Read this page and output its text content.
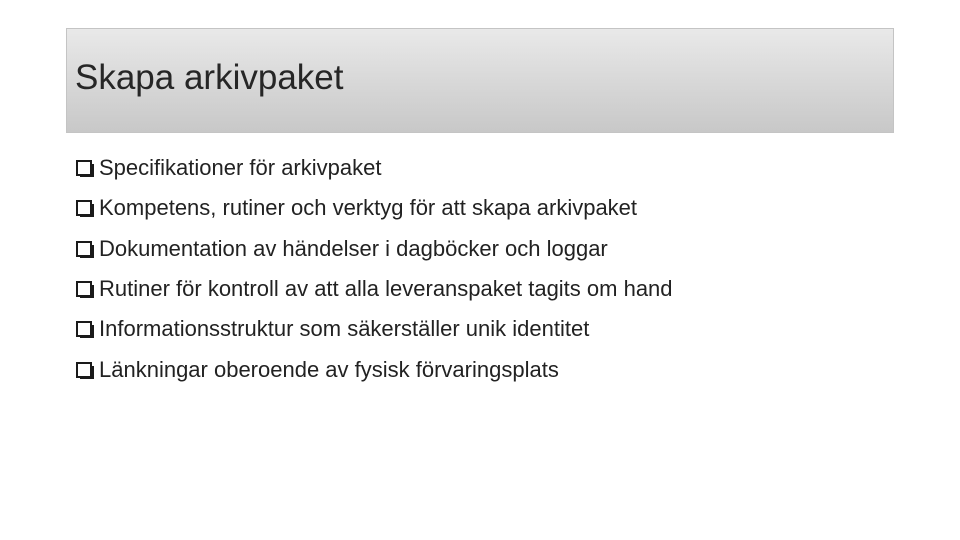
Skapa arkivpaket
Specifikationer för arkivpaket
Kompetens, rutiner och verktyg för att skapa arkivpaket
Dokumentation av händelser i dagböcker och loggar
Rutiner för kontroll av att alla leveranspaket tagits om hand
Informationsstruktur som säkerställer unik identitet
Länkningar oberoende av fysisk förvaringsplats
